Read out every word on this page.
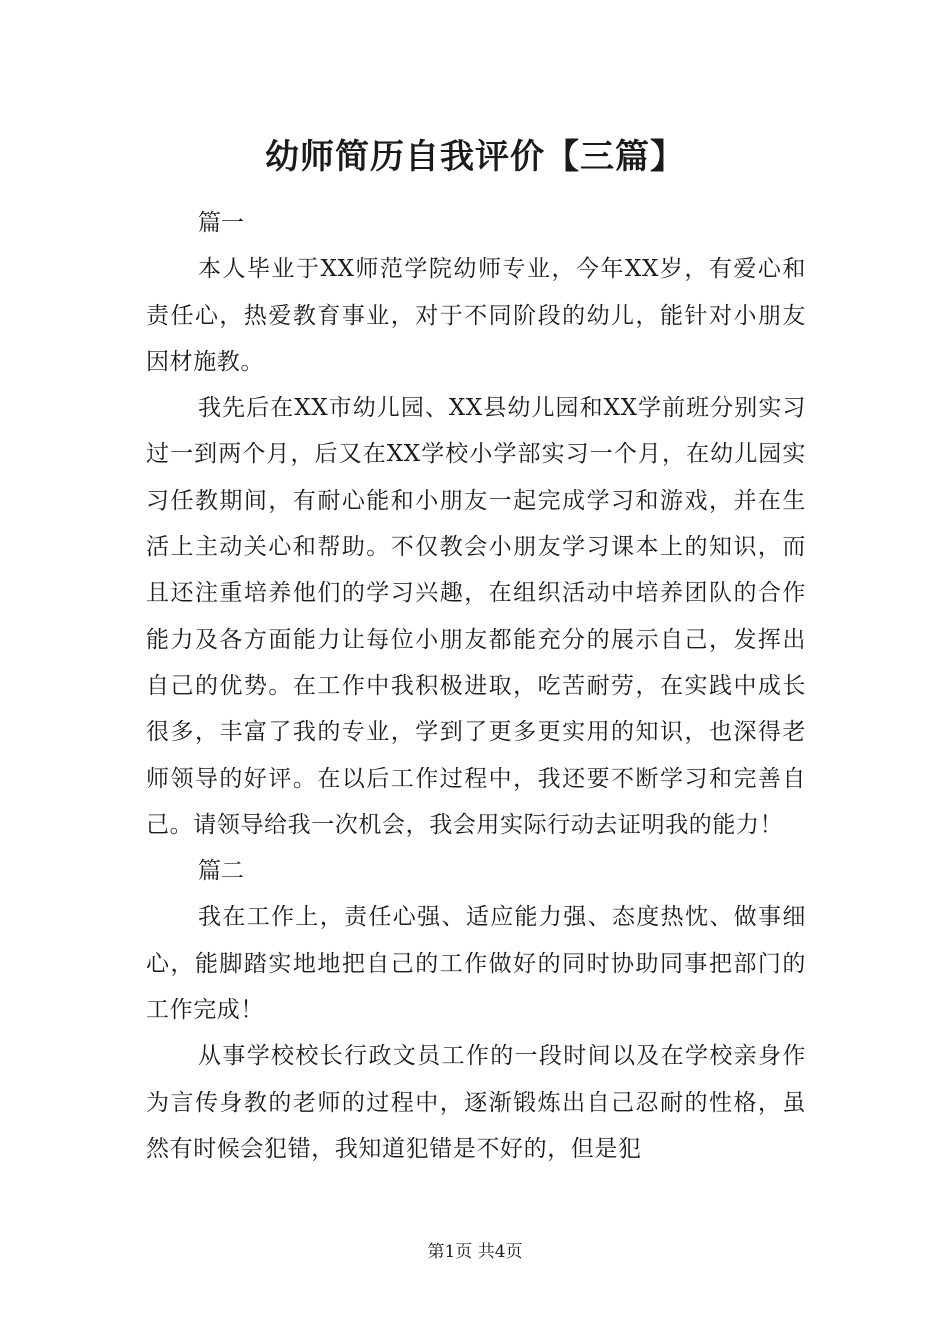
幼师简历自我评价【三篇】

篇一

本人毕业于XX师范学院幼师专业，今年XX岁，有爱心和责任心，热爱教育事业，对于不同阶段的幼儿，能针对小朋友因材施教。

我先后在XX市幼儿园、XX县幼儿园和XX学前班分别实习过一到两个月，后又在XX学校小学部实习一个月，在幼儿园实习任教期间，有耐心能和小朋友一起完成学习和游戏，并在生活上主动关心和帮助。不仅教会小朋友学习课本上的知识，而且还注重培养他们的学习兴趣，在组织活动中培养团队的合作能力及各方面能力让每位小朋友都能充分的展示自己，发挥出自己的优势。在工作中我积极进取，吃苦耐劳，在实践中成长很多，丰富了我的专业，学到了更多更实用的知识，也深得老师领导的好评。在以后工作过程中，我还要不断学习和完善自己。请领导给我一次机会，我会用实际行动去证明我的能力！

篇二

我在工作上，责任心强、适应能力强、态度热忱、做事细心，能脚踏实地地把自己的工作做好的同时协助同事把部门的工作完成！

从事学校校长行政文员工作的一段时间以及在学校亲身作为言传身教的老师的过程中，逐渐锻炼出自己忍耐的性格，虽然有时候会犯错，我知道犯错是不好的，但是犯

第1页 共4页
